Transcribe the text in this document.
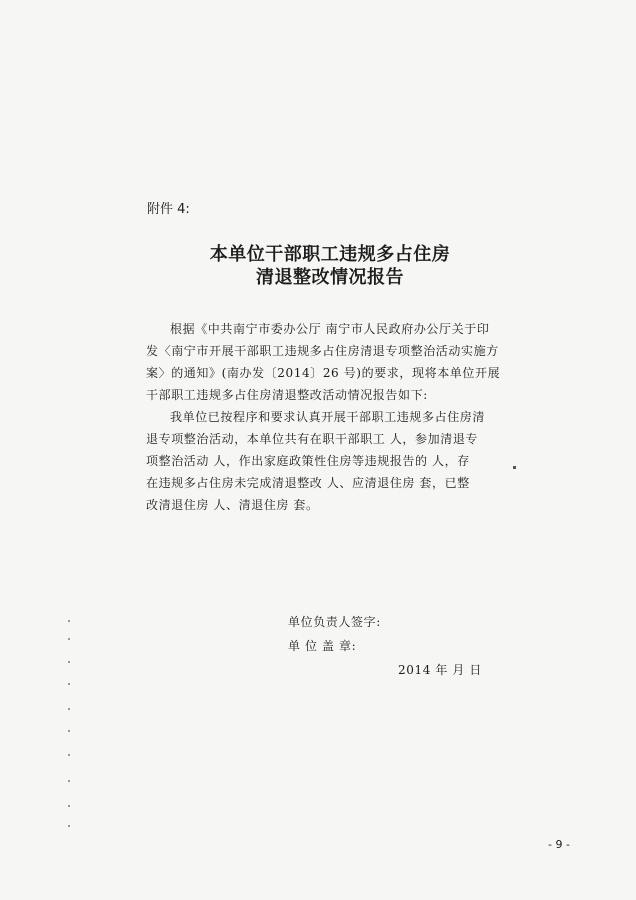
附件 4:
本单位干部职工违规多占住房
清退整改情况报告
根据《中共南宁市委办公厅 南宁市人民政府办公厅关于印
发〈南宁市开展干部职工违规多占住房清退专项整治活动实施方
案〉的通知》(南办发〔2014〕26 号)的要求，现将本单位开展
干部职工违规多占住房清退整改活动情况报告如下:
我单位已按程序和要求认真开展干部职工违规多占住房清
退专项整治活动，本单位共有在职干部职工 人，参加清退专
项整治活动 人，作出家庭政策性住房等违规报告的 人，存
在违规多占住房未完成清退整改 人、应清退住房 套，已整
改清退住房 人、清退住房 套。
单位负责人签字:
单 位 盖 章:
2014 年 月 日
- 9 -
